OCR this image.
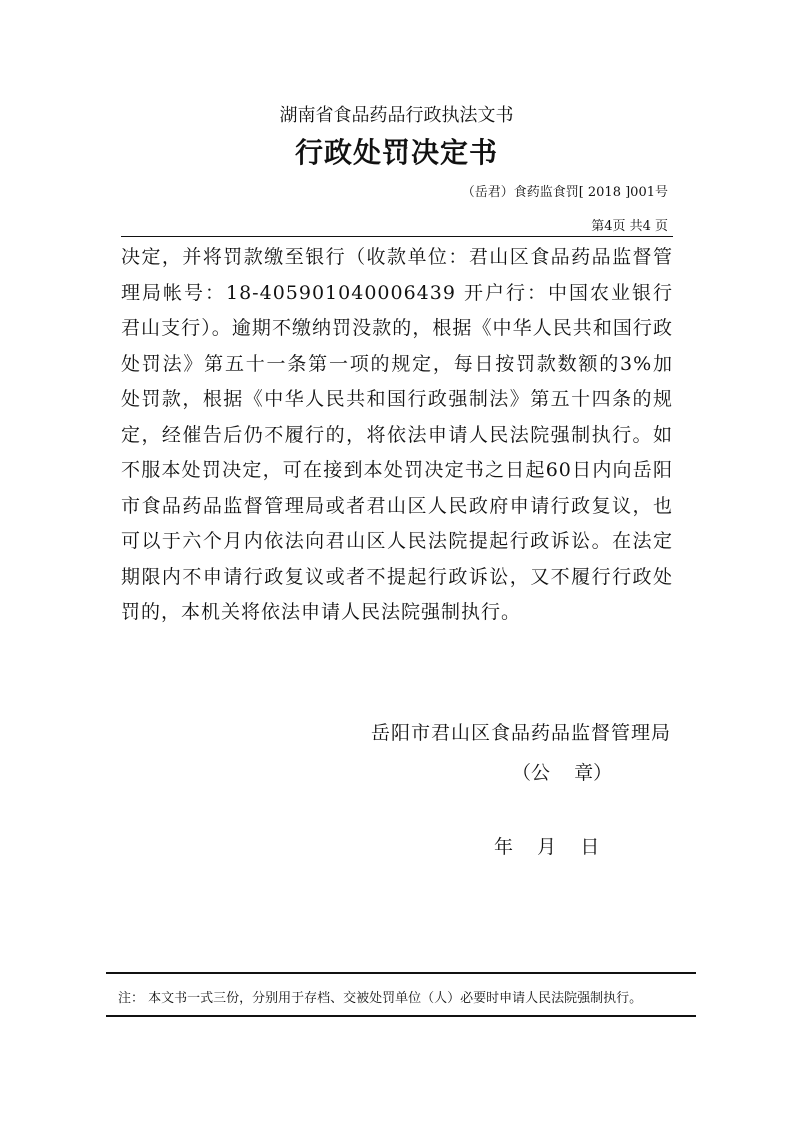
湖南省食品药品行政执法文书
行政处罚决定书
（岳君）食药监食罚[ 2018 ]001号
第4页 共4 页

决定，并将罚款缴至银行（收款单位：君山区食品药品监督管理局帐号：18-405901040006439 开户行：中国农业银行君山支行）。逾期不缴纳罚没款的，根据《中华人民共和国行政处罚法》第五十一条第一项的规定，每日按罚款数额的3%加处罚款，根据《中华人民共和国行政强制法》第五十四条的规定，经催告后仍不履行的，将依法申请人民法院强制执行。如不服本处罚决定，可在接到本处罚决定书之日起60日内向岳阳市食品药品监督管理局或者君山区人民政府申请行政复议，也可以于六个月内依法向君山区人民法院提起行政诉讼。在法定期限内不申请行政复议或者不提起行政诉讼，又不履行行政处罚的，本机关将依法申请人民法院强制执行。

岳阳市君山区食品药品监督管理局
（公    章）
年    月    日
注： 本文书一式三份，分别用于存档、交被处罚单位（人）必要时申请人民法院强制执行。
